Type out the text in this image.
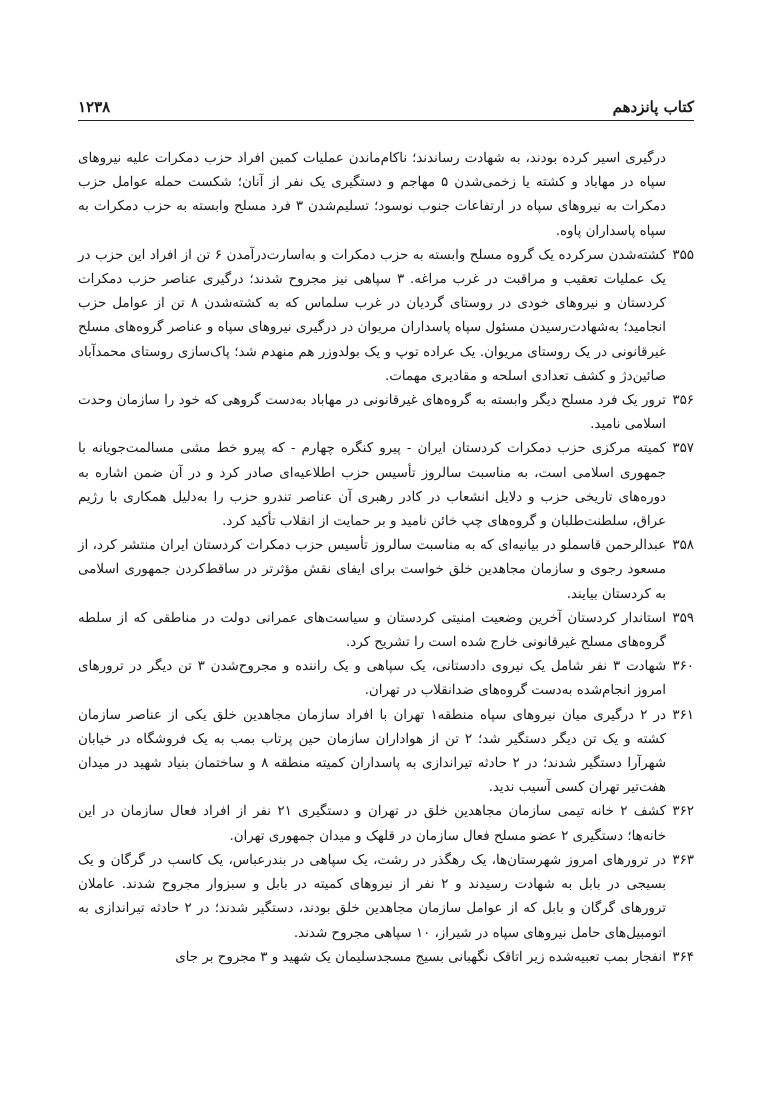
کتاب پانزدهم
۱۲۳۸

درگیری اسیر کرده بودند، به شهادت رساندند؛ ناکام‌ماندن عملیات کمین افراد حزب دمکرات علیه نیروهای سپاه در مهاباد و کشته یا زخمی‌شدن ۵ مهاجم و دستگیری یک نفر از آنان؛ شکست حمله عوامل حزب دمکرات به نیروهای سپاه در ارتفاعات جنوب نوسود؛ تسلیم‌شدن ۳ فرد مسلح وابسته به حزب دمکرات به سپاه پاسداران پاوه.

۳۵۵
کشته‌شدن سرکرده یک گروه مسلح وابسته به حزب دمکرات و به‌اسارت‌درآمدن ۶ تن از افراد این حزب در یک عملیات تعقیب و مراقبت در غرب مراغه. ۳ سپاهی نیز مجروح شدند؛ درگیری عناصر حزب دمکرات کردستان و نیروهای خودی در روستای گردیان در غرب سلماس که به کشته‌شدن ۸ تن از عوامل حزب انجامید؛ به‌شهادت‌رسیدن مسئول سپاه پاسداران مریوان در درگیری نیروهای سپاه و عناصر گروه‌های مسلح غیرقانونی در یک روستای مریوان. یک عراده توپ و یک بولدوزر هم منهدم شد؛ پاک‌سازی روستای محمدآباد صائین‌دژ و کشف تعدادی اسلحه و مقادیری مهمات.

۳۵۶
ترور یک فرد مسلح دیگر وابسته به گروه‌های غیرقانونی در مهاباد به‌دست گروهی که خود را سازمان وحدت اسلامی نامید.

۳۵۷
کمیته مرکزی حزب دمکرات کردستان ایران - پیرو کنگره چهارم - که پیرو خط مشی مسالمت‌جویانه با جمهوری اسلامی است، به مناسبت سالروز تأسیس حزب اطلاعیه‌ای صادر کرد و در آن ضمن اشاره به دوره‌های تاریخی حزب و دلایل انشعاب در کادر رهبری آن عناصر تندرو حزب را به‌دلیل همکاری با رژیم عراق، سلطنت‌طلبان و گروه‌های چپ خائن نامید و بر حمایت از انقلاب تأکید کرد.

۳۵۸
عبدالرحمن قاسملو در بیانیه‌ای که به مناسبت سالروز تأسیس حزب دمکرات کردستان ایران منتشر کرد، از مسعود رجوی و سازمان مجاهدین خلق خواست برای ایفای نقش مؤثرتر در ساقط‌کردن جمهوری اسلامی به کردستان بیایند.

۳۵۹
استاندار کردستان آخرین وضعیت امنیتی کردستان و سیاست‌های عمرانی دولت در مناطقی که از سلطه گروه‌های مسلح غیرقانونی خارج شده است را تشریح کرد.

۳۶۰
شهادت ۳ نفر شامل یک نیروی دادستانی، یک سپاهی و یک راننده و مجروح‌شدن ۳ تن دیگر در ترورهای امروز انجام‌شده به‌دست گروه‌های ضدانقلاب در تهران.

۳۶۱
در ۲ درگیری میان نیروهای سپاه منطقه۱ تهران با افراد سازمان مجاهدین خلق یکی از عناصر سازمان کشته و یک تن دیگر دستگیر شد؛ ۲ تن از هواداران سازمان حین پرتاب بمب به یک فروشگاه در خیابان شهرآرا دستگیر شدند؛ در ۲ حادثه تیراندازی به پاسداران کمیته منطقه ۸ و ساختمان بنیاد شهید در میدان هفت‌تیر تهران کسی آسیب ندید.

۳۶۲
کشف ۲ خانه تیمی سازمان مجاهدین خلق در تهران و دستگیری ۲۱ نفر از افراد فعال سازمان در این خانه‌ها؛ دستگیری ۲ عضو مسلح فعال سازمان در قلهک و میدان جمهوری تهران.

۳۶۳
در ترورهای امروز شهرستان‌ها، یک رهگذر در رشت، یک سپاهی در بندرعباس، یک کاسب در گرگان و یک بسیجی در بابل به شهادت رسیدند و ۲ نفر از نیروهای کمیته در بابل و سبزوار مجروح شدند. عاملان ترورهای گرگان و بابل که از عوامل سازمان مجاهدین خلق بودند، دستگیر شدند؛ در ۲ حادثه تیراندازی به اتومبیل‌های حامل نیروهای سپاه در شیراز، ۱۰ سپاهی مجروح شدند.

۳۶۴
انفجار بمب تعبیه‌شده زیر اتاقک نگهبانی بسیج مسجدسلیمان یک شهید و ۳ مجروح بر جای
